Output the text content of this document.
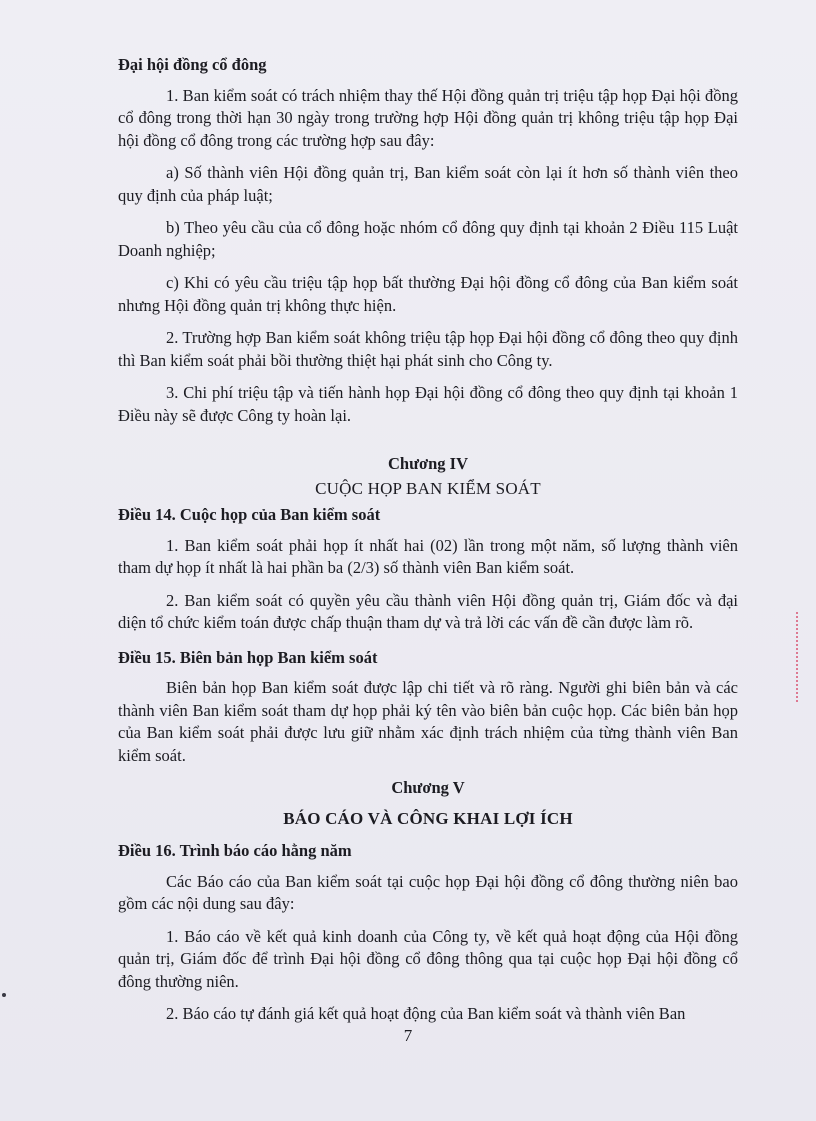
Đại hội đồng cổ đông

1. Ban kiểm soát có trách nhiệm thay thế Hội đồng quản trị triệu tập họp Đại hội đồng cổ đông trong thời hạn 30 ngày trong trường hợp Hội đồng quản trị không triệu tập họp Đại hội đồng cổ đông trong các trường hợp sau đây:

a) Số thành viên Hội đồng quản trị, Ban kiểm soát còn lại ít hơn số thành viên theo quy định của pháp luật;

b) Theo yêu cầu của cổ đông hoặc nhóm cổ đông quy định tại khoản 2 Điều 115 Luật Doanh nghiệp;

c) Khi có yêu cầu triệu tập họp bất thường Đại hội đồng cổ đông của Ban kiểm soát nhưng Hội đồng quản trị không thực hiện.

2. Trường hợp Ban kiểm soát không triệu tập họp Đại hội đồng cổ đông theo quy định thì Ban kiểm soát phải bồi thường thiệt hại phát sinh cho Công ty.

3. Chi phí triệu tập và tiến hành họp Đại hội đồng cổ đông theo quy định tại khoản 1 Điều này sẽ được Công ty hoàn lại.

Chương IV
CUỘC HỌP BAN KIỂM SOÁT
Điều 14. Cuộc họp của Ban kiểm soát

1. Ban kiểm soát phải họp ít nhất hai (02) lần trong một năm, số lượng thành viên tham dự họp ít nhất là hai phần ba (2/3) số thành viên Ban kiểm soát.

2. Ban kiểm soát có quyền yêu cầu thành viên Hội đồng quản trị, Giám đốc và đại diện tổ chức kiểm toán được chấp thuận tham dự và trả lời các vấn đề cần được làm rõ.

Điều 15. Biên bản họp Ban kiểm soát

Biên bản họp Ban kiểm soát được lập chi tiết và rõ ràng. Người ghi biên bản và các thành viên Ban kiểm soát tham dự họp phải ký tên vào biên bản cuộc họp. Các biên bản họp của Ban kiểm soát phải được lưu giữ nhằm xác định trách nhiệm của từng thành viên Ban kiểm soát.

Chương V
BÁO CÁO VÀ CÔNG KHAI LỢI ÍCH
Điều 16. Trình báo cáo hằng năm

Các Báo cáo của Ban kiểm soát tại cuộc họp Đại hội đồng cổ đông thường niên bao gồm các nội dung sau đây:

1. Báo cáo về kết quả kinh doanh của Công ty, về kết quả hoạt động của Hội đồng quản trị, Giám đốc để trình Đại hội đồng cổ đông thông qua tại cuộc họp Đại hội đồng cổ đông thường niên.

2. Báo cáo tự đánh giá kết quả hoạt động của Ban kiểm soát và thành viên Ban

7
